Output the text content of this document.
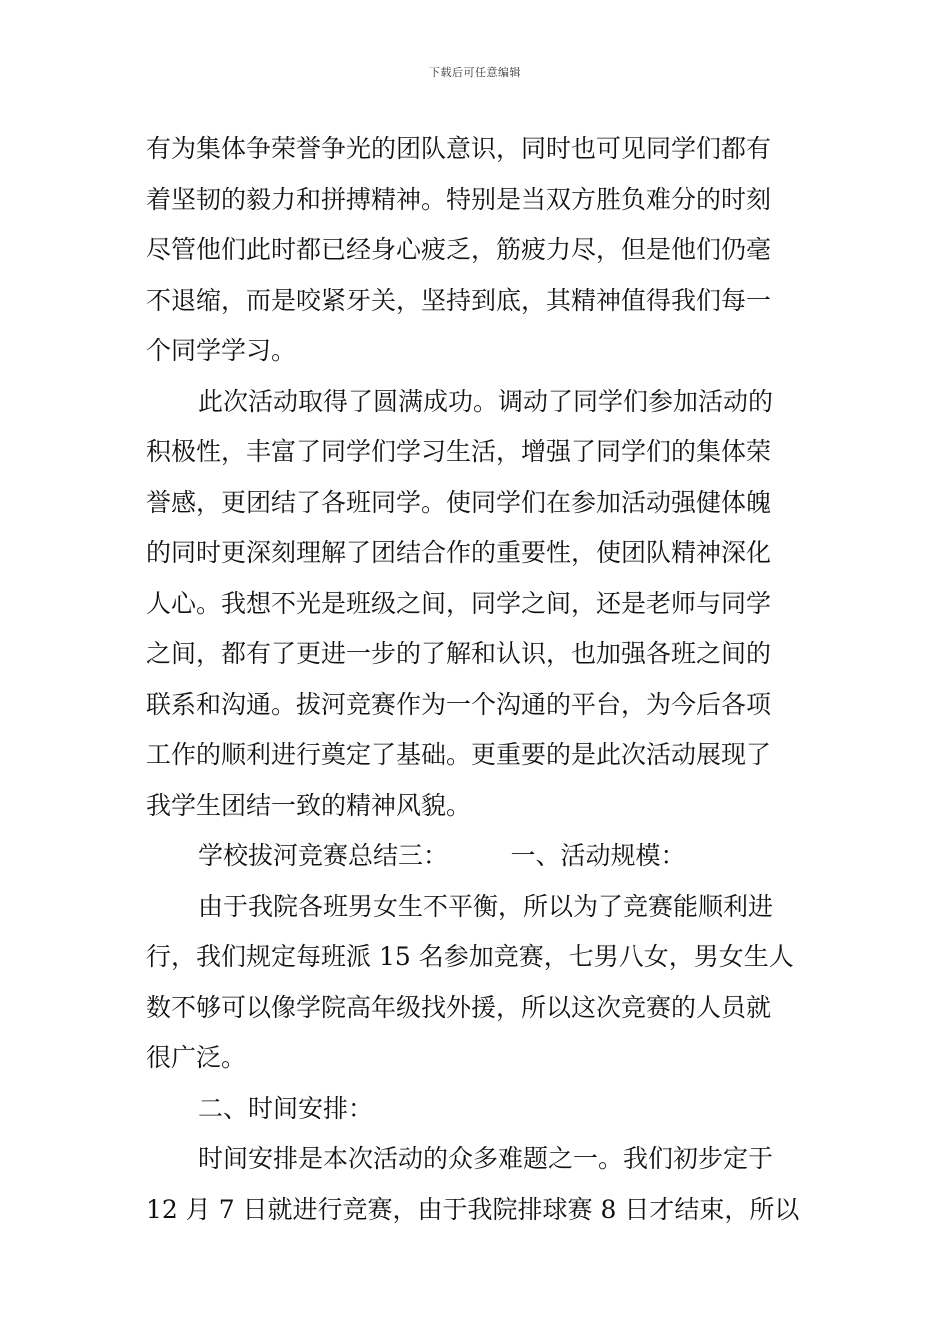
下载后可任意编辑
有为集体争荣誉争光的团队意识，同时也可见同学们都有
着坚韧的毅力和拼搏精神。特别是当双方胜负难分的时刻
尽管他们此时都已经身心疲乏，筋疲力尽，但是他们仍毫
不退缩，而是咬紧牙关，坚持到底，其精神值得我们每一
个同学学习。
此次活动取得了圆满成功。调动了同学们参加活动的
积极性，丰富了同学们学习生活，增强了同学们的集体荣
誉感，更团结了各班同学。使同学们在参加活动强健体魄
的同时更深刻理解了团结合作的重要性，使团队精神深化
人心。我想不光是班级之间，同学之间，还是老师与同学
之间，都有了更进一步的了解和认识，也加强各班之间的
联系和沟通。拔河竞赛作为一个沟通的平台，为今后各项
工作的顺利进行奠定了基础。更重要的是此次活动展现了
我学生团结一致的精神风貌。
学校拔河竞赛总结三：　　　一、活动规模：
由于我院各班男女生不平衡，所以为了竞赛能顺利进
行，我们规定每班派 15 名参加竞赛，七男八女，男女生人
数不够可以像学院高年级找外援，所以这次竞赛的人员就
很广泛。
二、时间安排：
时间安排是本次活动的众多难题之一。我们初步定于
12 月 7 日就进行竞赛，由于我院排球赛 8 日才结束，所以
